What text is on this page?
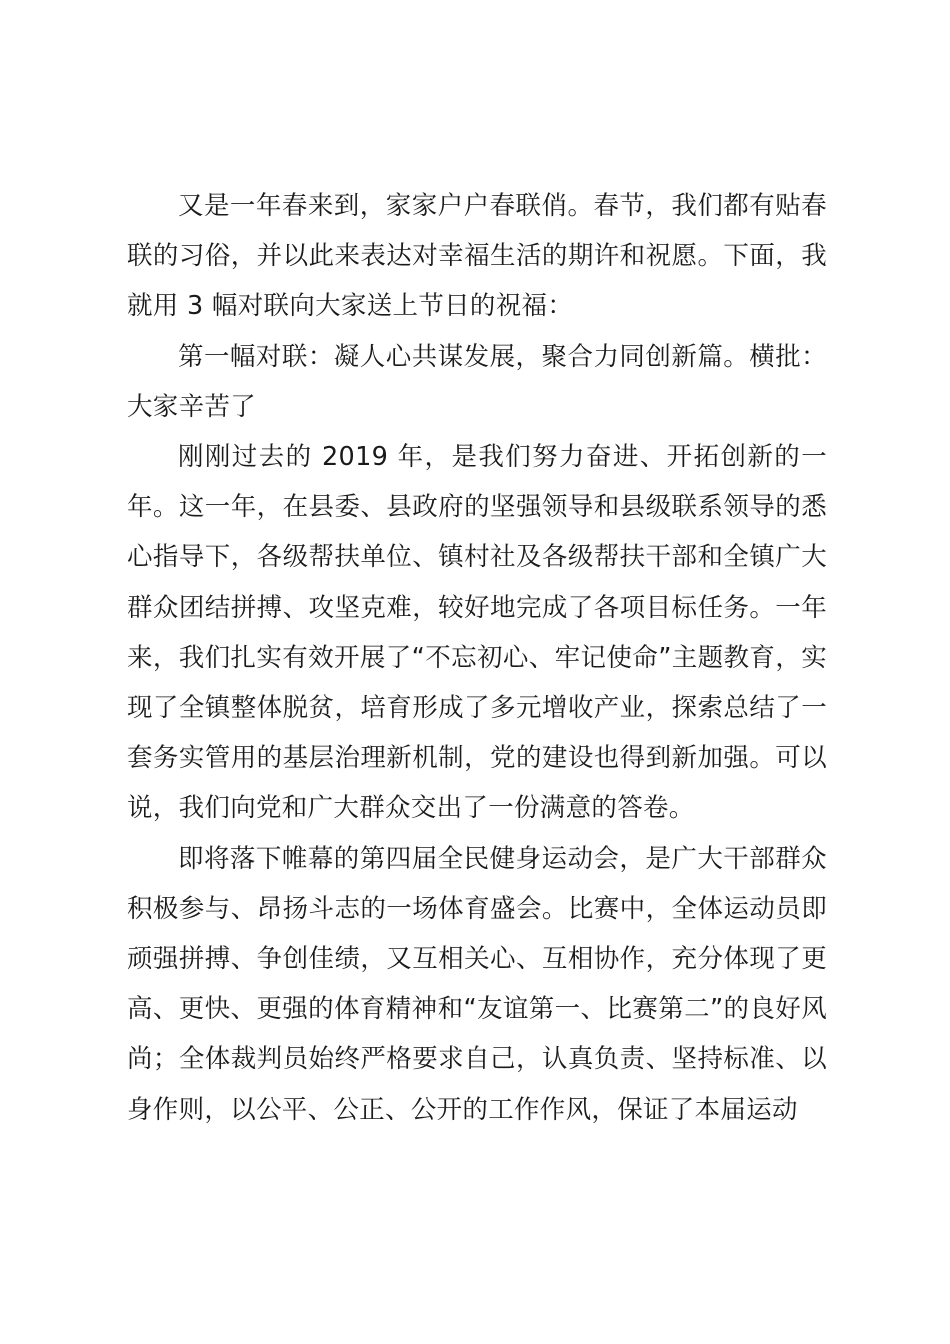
又是一年春来到，家家户户春联俏。春节，我们都有贴春联的习俗，并以此来表达对幸福生活的期许和祝愿。下面，我就用 3 幅对联向大家送上节日的祝福：

第一幅对联：凝人心共谋发展，聚合力同创新篇。横批：大家辛苦了

刚刚过去的 2019 年，是我们努力奋进、开拓创新的一年。这一年，在县委、县政府的坚强领导和县级联系领导的悉心指导下，各级帮扶单位、镇村社及各级帮扶干部和全镇广大群众团结拼搏、攻坚克难，较好地完成了各项目标任务。一年来，我们扎实有效开展了“不忘初心、牢记使命”主题教育，实现了全镇整体脱贫，培育形成了多元增收产业，探索总结了一套务实管用的基层治理新机制，党的建设也得到新加强。可以说，我们向党和广大群众交出了一份满意的答卷。

即将落下帷幕的第四届全民健身运动会，是广大干部群众积极参与、昂扬斗志的一场体育盛会。比赛中，全体运动员即顽强拼搏、争创佳绩，又互相关心、互相协作，充分体现了更高、更快、更强的体育精神和“友谊第一、比赛第二”的良好风尚；全体裁判员始终严格要求自己，认真负责、坚持标准、以身作则，以公平、公正、公开的工作作风，保证了本届运动
